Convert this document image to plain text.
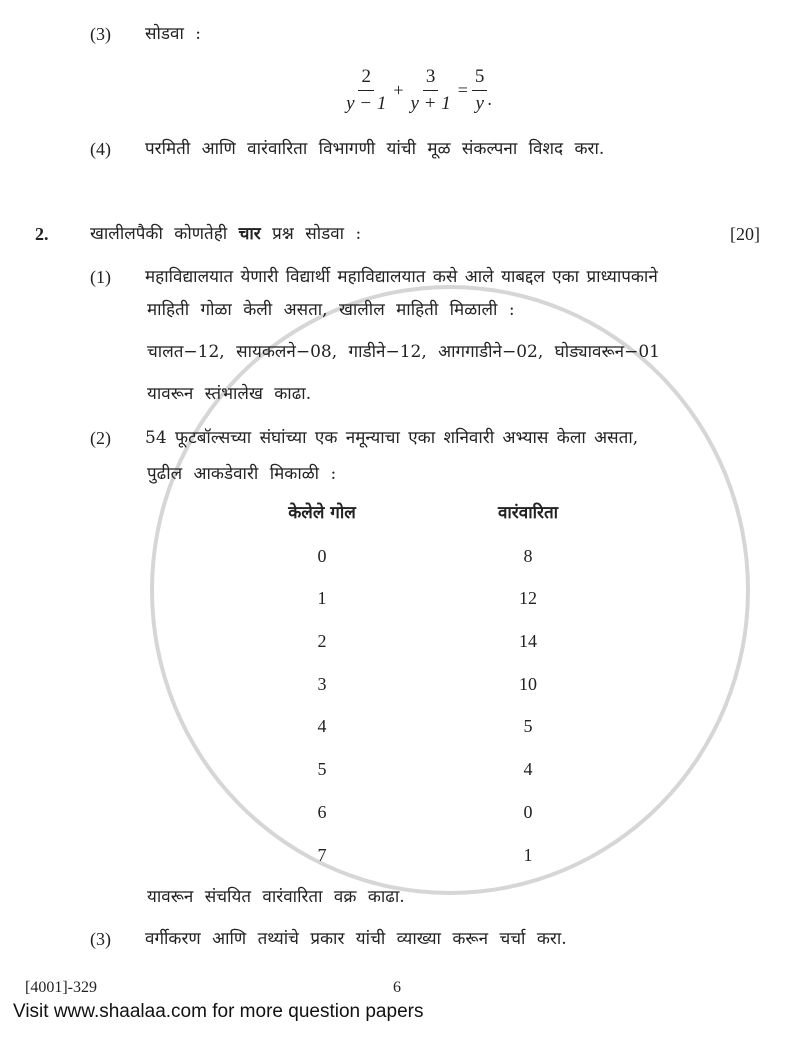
(3)	सोडवा :
$\frac{2}{y - 1} + \frac{3}{y + 1} = \frac{5}{y}$ .
(4)	परमिती आणि वारंवारिता विभागणी यांची मूळ संकल्पना विशद करा.
2.	खालीलपैकी कोणतेही चार प्रश्न सोडवा :	[20]
(1)	महाविद्यालयात येणारी विद्यार्थी महाविद्यालयात कसे आले याबद्दल एका प्राध्यापकाने
माहिती गोळा केली असता, खालील माहिती मिळाली :
चालत−12, सायकलने−08, गाडीने−12, आगगाडीने−02, घोड्यावरून−01
यावरून स्तंभालेख काढा.
(2)	54 फूटबॉल्सच्या संघांच्या एक नमून्याचा एका शनिवारी अभ्यास केला असता,
पुढील आकडेवारी मिकाळी :
केलेले गोल	वारंवारिता
0	8
1	12
2	14
3	10
4	5
5	4
6	0
7	1
यावरून संचयित वारंवारिता वक्र काढा.
(3)	वर्गीकरण आणि तथ्यांचे प्रकार यांची व्याख्या करून चर्चा करा.
[4001]-329	6
Visit www.shaalaa.com for more question papers
